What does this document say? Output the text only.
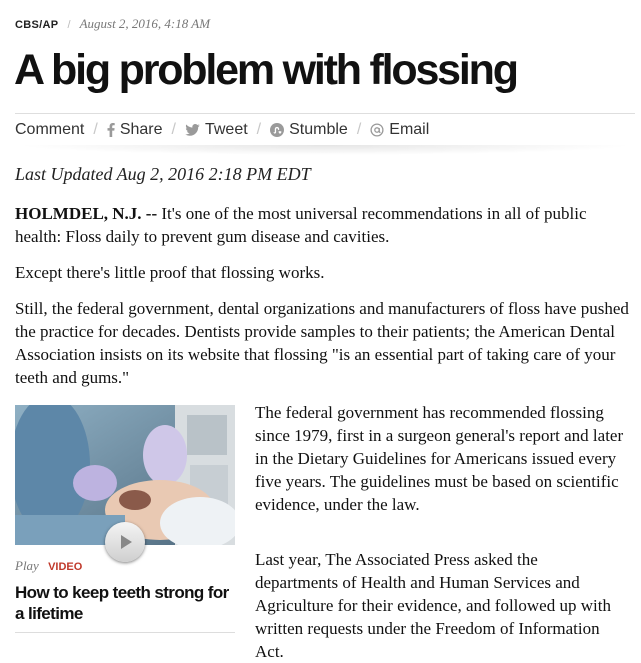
CBS/AP / August 2, 2016, 4:18 AM
A big problem with flossing
Comment / Share / Tweet / Stumble / Email
Last Updated Aug 2, 2016 2:18 PM EDT

HOLMDEL, N.J. -- It's one of the most universal recommendations in all of public health: Floss daily to prevent gum disease and cavities.

Except there's little proof that flossing works.

Still, the federal government, dental organizations and manufacturers of floss have pushed the practice for decades. Dentists provide samples to their patients; the American Dental Association insists on its website that flossing "is an essential part of taking care of your teeth and gums."

Play VIDEO

How to keep teeth strong for a lifetime

The federal government has recommended flossing since 1979, first in a surgeon general's report and later in the Dietary Guidelines for Americans issued every five years. The guidelines must be based on scientific evidence, under the law.

Last year, The Associated Press asked the departments of Health and Human Services and Agriculture for their evidence, and followed up with written requests under the Freedom of Information Act.
